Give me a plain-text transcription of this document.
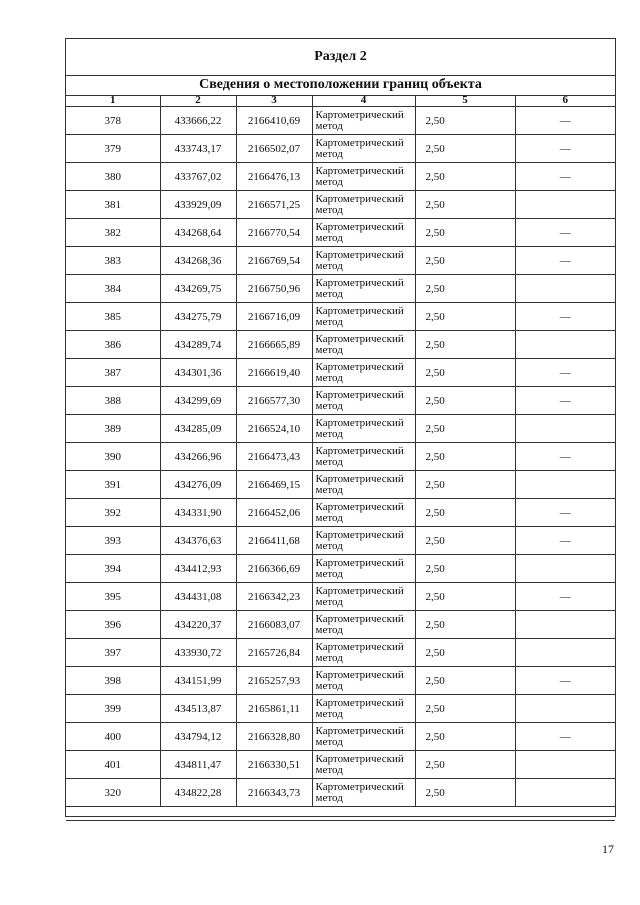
Раздел 2
Сведения о местоположении границ объекта
1	2	3	4	5	6
378	433666,22	2166410,69	Картометрический метод	2,50	—
379	433743,17	2166502,07	Картометрический метод	2,50	—
380	433767,02	2166476,13	Картометрический метод	2,50	—
381	433929,09	2166571,25	Картометрический метод	2,50	
382	434268,64	2166770,54	Картометрический метод	2,50	—
383	434268,36	2166769,54	Картометрический метод	2,50	—
384	434269,75	2166750,96	Картометрический метод	2,50	
385	434275,79	2166716,09	Картометрический метод	2,50	—
386	434289,74	2166665,89	Картометрический метод	2,50	
387	434301,36	2166619,40	Картометрический метод	2,50	—
388	434299,69	2166577,30	Картометрический метод	2,50	—
389	434285,09	2166524,10	Картометрический метод	2,50	
390	434266,96	2166473,43	Картометрический метод	2,50	—
391	434276,09	2166469,15	Картометрический метод	2,50	
392	434331,90	2166452,06	Картометрический метод	2,50	—
393	434376,63	2166411,68	Картометрический метод	2,50	—
394	434412,93	2166366,69	Картометрический метод	2,50	
395	434431,08	2166342,23	Картометрический метод	2,50	—
396	434220,37	2166083,07	Картометрический метод	2,50	
397	433930,72	2165726,84	Картометрический метод	2,50	
398	434151,99	2165257,93	Картометрический метод	2,50	—
399	434513,87	2165861,11	Картометрический метод	2,50	
400	434794,12	2166328,80	Картометрический метод	2,50	—
401	434811,47	2166330,51	Картометрический метод	2,50	
320	434822,28	2166343,73	Картометрический метод	2,50	

17
